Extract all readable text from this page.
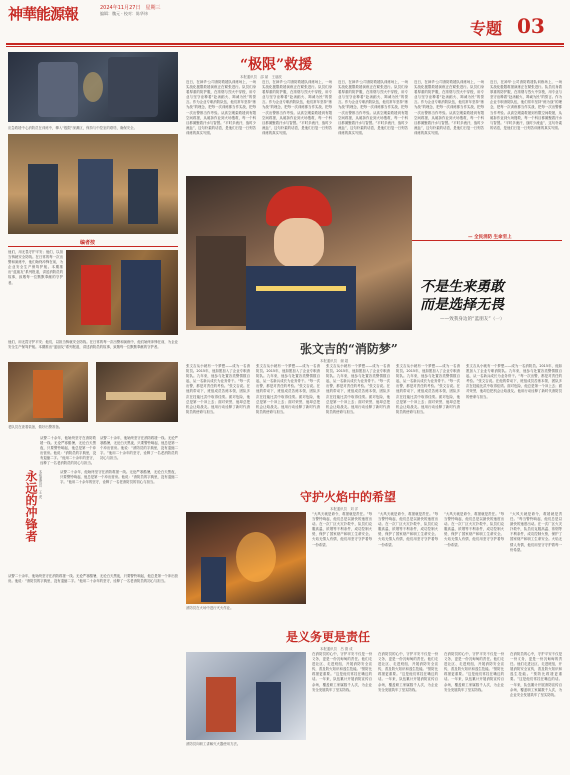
神華能源報	2024年11月27日　星期三
编辑：魏元 · 校对：陈华炜
专题 03
应急救援中心消防员在训练中，攀入“极限”深渊区，保持与中控室的联络，确保安全。
“极限”救援
本报通讯员　邵 斌　王朋波
近日，在神华·公司消防救援队训练场上，一场实战化极限救援演练正在紧张进行。队员们身着厚重的防护服，在浓烟与烈火中穿梭，用专业与坚守诠释着“赴汤蹈火、竭诚为民”的誓言。作为企业专职消防队伍，他们常年坚持“练为战”的理念，把每一次训练都当作实战，把每一次出警都当作考验。从高空绳索救援到有限空间救援，从破拆作业到火场搜救，每一个科目都凝聚着汗水与智慧。“平时多流汗，战时少流血”，这句朴素的话语，是他们日复一日刻苦训练的真实写照。
近日，在神华·公司消防救援队训练场上，一场实战化极限救援演练正在紧张进行。队员们身着厚重的防护服，在浓烟与烈火中穿梭，用专业与坚守诠释着“赴汤蹈火、竭诚为民”的誓言。作为企业专职消防队伍，他们常年坚持“练为战”的理念，把每一次训练都当作实战，把每一次出警都当作考验。从高空绳索救援到有限空间救援，从破拆作业到火场搜救，每一个科目都凝聚着汗水与智慧。“平时多流汗，战时少流血”，这句朴素的话语，是他们日复一日刻苦训练的真实写照。
近日，在神华·公司消防救援队训练场上，一场实战化极限救援演练正在紧张进行。队员们身着厚重的防护服，在浓烟与烈火中穿梭，用专业与坚守诠释着“赴汤蹈火、竭诚为民”的誓言。作为企业专职消防队伍，他们常年坚持“练为战”的理念，把每一次训练都当作实战，把每一次出警都当作考验。从高空绳索救援到有限空间救援，从破拆作业到火场搜救，每一个科目都凝聚着汗水与智慧。“平时多流汗，战时少流血”，这句朴素的话语，是他们日复一日刻苦训练的真实写照。
近日，在神华·公司消防救援队训练场上，一场实战化极限救援演练正在紧张进行。队员们身着厚重的防护服，在浓烟与烈火中穿梭，用专业与坚守诠释着“赴汤蹈火、竭诚为民”的誓言。作为企业专职消防队伍，他们常年坚持“练为战”的理念，把每一次训练都当作实战，把每一次出警都当作考验。从高空绳索救援到有限空间救援，从破拆作业到火场搜救，每一个科目都凝聚着汗水与智慧。“平时多流汗，战时少流血”，这句朴素的话语，是他们日复一日刻苦训练的真实写照。
近日，在神华·公司消防救援队训练场上，一场实战化极限救援演练正在紧张进行。队员们身着厚重的防护服，在浓烟与烈火中穿梭，用专业与坚守诠释着“赴汤蹈火、竭诚为民”的誓言。作为企业专职消防队伍，他们常年坚持“练为战”的理念，把每一次训练都当作实战，把每一次出警都当作考验。从高空绳索救援到有限空间救援，从破拆作业到火场搜救，每一个科目都凝聚着汗水与智慧。“平时多流汗，战时少流血”，这句朴素的话语，是他们日复一日刻苦训练的真实写照。
— 全民消防 生命至上
不是生来勇敢
而是选择无畏
——致我身边的“蓝朋友”（一）
编者按
他们，用无畏守护平安；他们，以担当铸就安全防线。在日常的每一次出警和演练中，他们始终冲锋在前，为企业安全生产保驾护航。本期推出“蓝朋友”系列报道，讲述消防员的故事，致敬每一位默默奉献的守护者。
他们，用无畏守护平安；他们，以担当铸就安全防线。在日常的每一次出警和演练中，他们始终冲锋在前，为企业安全生产保驾护航。本期推出“蓝朋友”系列报道，讲述消防员的故事，致敬每一位默默奉献的守护者。	张文吉的“消防梦”
本报通讯员　谢 超
张文吉从小就有一个梦想——成为一名消防员。2015年，他如愿加入了企业专职消防队。九年来，他参与处置各类警情数百起，从一名新兵成长为业务骨干。“每一次出警，都是对责任的考验。”张文吉说。在他的带动下，班组成员苦练本领，团队多次在技能比武中取得佳绩。面对危险，他总是第一个冲上去；面对荣誉，他却总把机会让给战友。他用行动诠释了新时代消防员的使命与担当。
张文吉从小就有一个梦想——成为一名消防员。2015年，他如愿加入了企业专职消防队。九年来，他参与处置各类警情数百起，从一名新兵成长为业务骨干。“每一次出警，都是对责任的考验。”张文吉说。在他的带动下，班组成员苦练本领，团队多次在技能比武中取得佳绩。面对危险，他总是第一个冲上去；面对荣誉，他却总把机会让给战友。他用行动诠释了新时代消防员的使命与担当。
张文吉从小就有一个梦想——成为一名消防员。2015年，他如愿加入了企业专职消防队。九年来，他参与处置各类警情数百起，从一名新兵成长为业务骨干。“每一次出警，都是对责任的考验。”张文吉说。在他的带动下，班组成员苦练本领，团队多次在技能比武中取得佳绩。面对危险，他总是第一个冲上去；面对荣誉，他却总把机会让给战友。他用行动诠释了新时代消防员的使命与担当。
张文吉从小就有一个梦想——成为一名消防员。2015年，他如愿加入了企业专职消防队。九年来，他参与处置各类警情数百起，从一名新兵成长为业务骨干。“每一次出警，都是对责任的考验。”张文吉说。在他的带动下，班组成员苦练本领，团队多次在技能比武中取得佳绩。面对危险，他总是第一个冲上去；面对荣誉，他却总把机会让给战友。他用行动诠释了新时代消防员的使命与担当。
张文吉从小就有一个梦想——成为一名消防员。2015年，他如愿加入了企业专职消防队。九年来，他参与处置各类警情数百起，从一名新兵成长为业务骨干。“每一次出警，都是对责任的考验。”张文吉说。在他的带动下，班组成员苦练本领，团队多次在技能比武中取得佳绩。面对危险，他总是第一个冲上去；面对荣誉，他却总把机会让给战友。他用行动诠释了新时代消防员的使命与担当。
老队员在查看装备，做好出警准备。
从警二十余年，他始终坚守在消防救援一线。无论严寒酷暑，无论白天黑夜，只要警铃响起，他总是第一个冲出营房。他说：“消防员的字典里，没有退缩二字。”他用二十余年的坚守，诠释了一名老消防员的初心与担当。
从警二十余年，他始终坚守在消防救援一线。无论严寒酷暑，无论白天黑夜，只要警铃响起，他总是第一个冲出营房。他说：“消防员的字典里，没有退缩二字。”他用二十余年的坚守，诠释了一名老消防员的初心与担当。
永远的冲锋者 本报通讯员　王 虎	从警二十余年，他始终坚守在消防救援一线。无论严寒酷暑，无论白天黑夜，只要警铃响起，他总是第一个冲出营房。他说：“消防员的字典里，没有退缩二字。”他用二十余年的坚守，诠释了一名老消防员的初心与担当。
从警二十余年，他始终坚守在消防救援一线。无论严寒酷暑，无论白天黑夜，只要警铃响起，他总是第一个冲出营房。他说：“消防员的字典里，没有退缩二字。”他用二十余年的坚守，诠释了一名老消防员的初心与担当。
守护火焰中的希望
本报通讯员　刘 洋
消防员在火场中进行灭火作业。
“大风天就是命令，救援就是责任。”每当警铃响起，他们总是以最快的速度出动。在一次厂区火灾扑救中，队员们克服高温、浓烟等不利条件，成功控制火势，保护了国家财产和职工生命安全。火焰无情人有情，他们用坚守守护着每一份希望。
“大风天就是命令，救援就是责任。”每当警铃响起，他们总是以最快的速度出动。在一次厂区火灾扑救中，队员们克服高温、浓烟等不利条件，成功控制火势，保护了国家财产和职工生命安全。火焰无情人有情，他们用坚守守护着每一份希望。
“大风天就是命令，救援就是责任。”每当警铃响起，他们总是以最快的速度出动。在一次厂区火灾扑救中，队员们克服高温、浓烟等不利条件，成功控制火势，保护了国家财产和职工生命安全。火焰无情人有情，他们用坚守守护着每一份希望。
“大风天就是命令，救援就是责任。”每当警铃响起，他们总是以最快的速度出动。在一次厂区火灾扑救中，队员们克服高温、浓烟等不利条件，成功控制火势，保护了国家财产和职工生命安全。火焰无情人有情，他们用坚守守护着每一份希望。
是义务更是责任
本报通讯员　吕 德 成
消防员向职工讲解灭火器使用方法。
在消防员的心中，守护平安不仅是一份义务，更是一份沉甸甸的责任。他们走进社区、走进班组，开展消防安全宣传，普及防火知识和逃生技能。“预防比救援更重要。”这是他们常挂在嘴边的话。一年来，队伍累计开展消防宣传百余场，覆盖职工家属数千人次，为企业安全发展筑牢了坚实防线。
在消防员的心中，守护平安不仅是一份义务，更是一份沉甸甸的责任。他们走进社区、走进班组，开展消防安全宣传，普及防火知识和逃生技能。“预防比救援更重要。”这是他们常挂在嘴边的话。一年来，队伍累计开展消防宣传百余场，覆盖职工家属数千人次，为企业安全发展筑牢了坚实防线。
在消防员的心中，守护平安不仅是一份义务，更是一份沉甸甸的责任。他们走进社区、走进班组，开展消防安全宣传，普及防火知识和逃生技能。“预防比救援更重要。”这是他们常挂在嘴边的话。一年来，队伍累计开展消防宣传百余场，覆盖职工家属数千人次，为企业安全发展筑牢了坚实防线。
在消防员的心中，守护平安不仅是一份义务，更是一份沉甸甸的责任。他们走进社区、走进班组，开展消防安全宣传，普及防火知识和逃生技能。“预防比救援更重要。”这是他们常挂在嘴边的话。一年来，队伍累计开展消防宣传百余场，覆盖职工家属数千人次，为企业安全发展筑牢了坚实防线。
